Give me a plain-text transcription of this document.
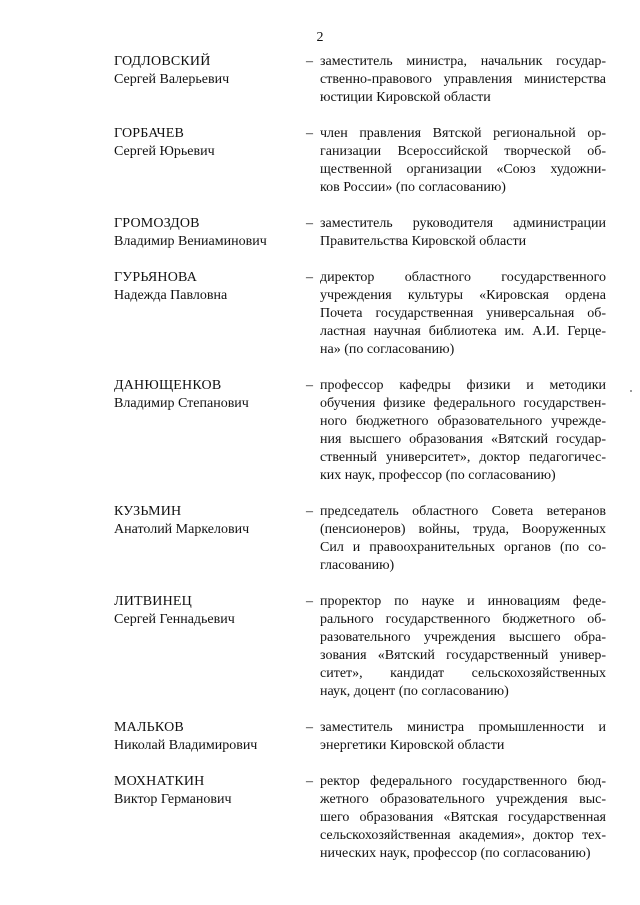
2
ГОДЛОВСКИЙ
Сергей Валерьевич
– заместитель министра, начальник государ-
ственно-правового управления министерства
юстиции Кировской области
ГОРБАЧЕВ
Сергей Юрьевич
– член правления Вятской региональной ор-
ганизации Всероссийской творческой об-
щественной организации «Союз художни-
ков России» (по согласованию)
ГРОМОЗДОВ
Владимир Вениаминович
– заместитель руководителя администрации
Правительства Кировской области
ГУРЬЯНОВА
Надежда Павловна
– директор областного государственного
учреждения культуры «Кировская ордена
Почета государственная универсальная об-
ластная научная библиотека им. А.И. Герце-
на» (по согласованию)
ДАНЮЩЕНКОВ
Владимир Степанович
– профессор кафедры физики и методики
обучения физике федерального государствен-
ного бюджетного образовательного учрежде-
ния высшего образования «Вятский государ-
ственный университет», доктор педагогичес-
ких наук, профессор (по согласованию)
КУЗЬМИН
Анатолий Маркелович
– председатель областного Совета ветеранов
(пенсионеров) войны, труда, Вооруженных
Сил и правоохранительных органов (по со-
гласованию)
ЛИТВИНЕЦ
Сергей Геннадьевич
– проректор по науке и инновациям феде-
рального государственного бюджетного об-
разовательного учреждения высшего обра-
зования «Вятский государственный универ-
ситет», кандидат сельскохозяйственных
наук, доцент (по согласованию)
МАЛЬКОВ
Николай Владимирович
– заместитель министра промышленности и
энергетики Кировской области
МОХНАТКИН
Виктор Германович
– ректор федерального государственного бюд-
жетного образовательного учреждения выс-
шего образования «Вятская государственная
сельскохозяйственная академия», доктор тех-
нических наук, профессор (по согласованию)
